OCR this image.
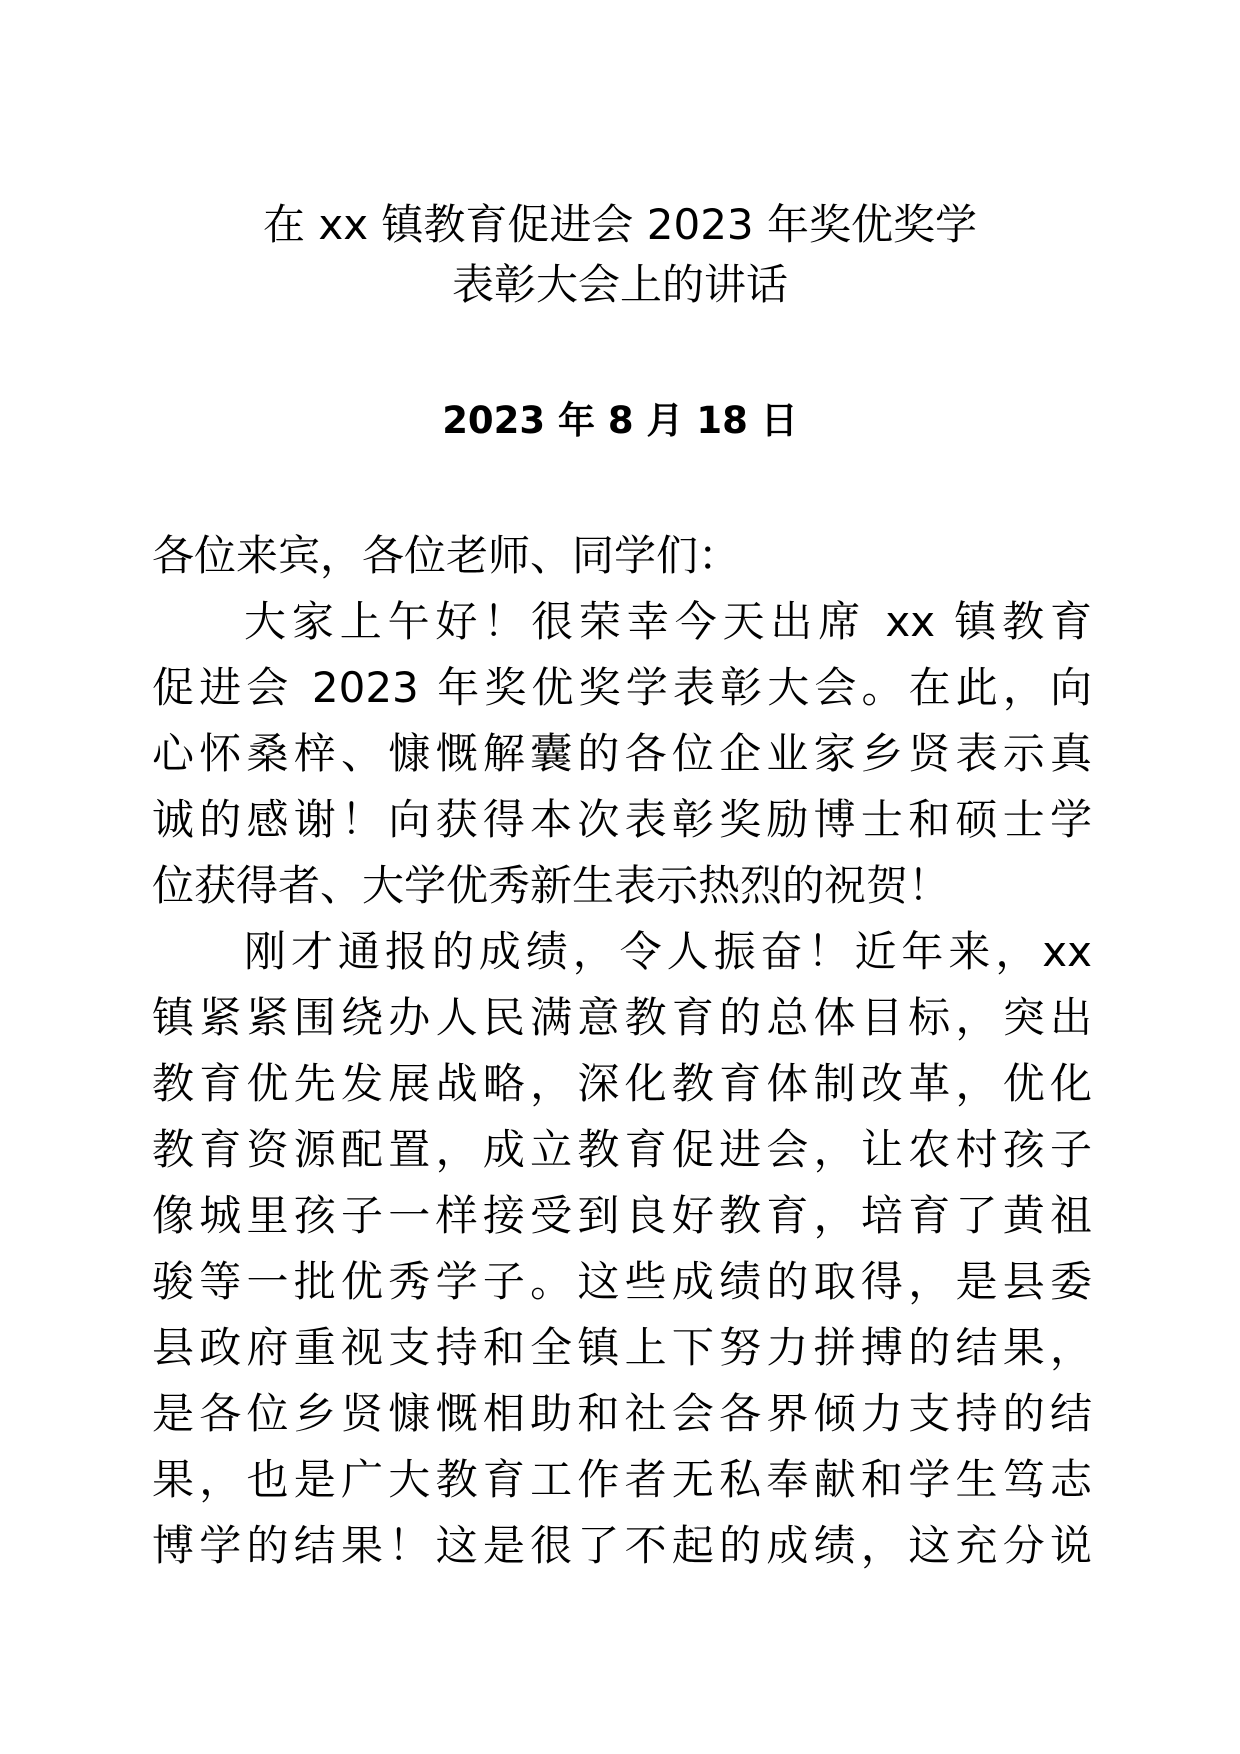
在 xx 镇教育促进会 2023 年奖优奖学
表彰大会上的讲话
2023 年 8 月 18 日
各位来宾，各位老师、同学们：
大家上午好！很荣幸今天出席 xx 镇教育
促进会 2023 年奖优奖学表彰大会。在此，向
心怀桑梓、慷慨解囊的各位企业家乡贤表示真
诚的感谢！向获得本次表彰奖励博士和硕士学
位获得者、大学优秀新生表示热烈的祝贺！
刚才通报的成绩，令人振奋！近年来，xx
镇紧紧围绕办人民满意教育的总体目标，突出
教育优先发展战略，深化教育体制改革，优化
教育资源配置，成立教育促进会，让农村孩子
像城里孩子一样接受到良好教育，培育了黄祖
骏等一批优秀学子。这些成绩的取得，是县委
县政府重视支持和全镇上下努力拼搏的结果，
是各位乡贤慷慨相助和社会各界倾力支持的结
果，也是广大教育工作者无私奉献和学生笃志
博学的结果！这是很了不起的成绩，这充分说
